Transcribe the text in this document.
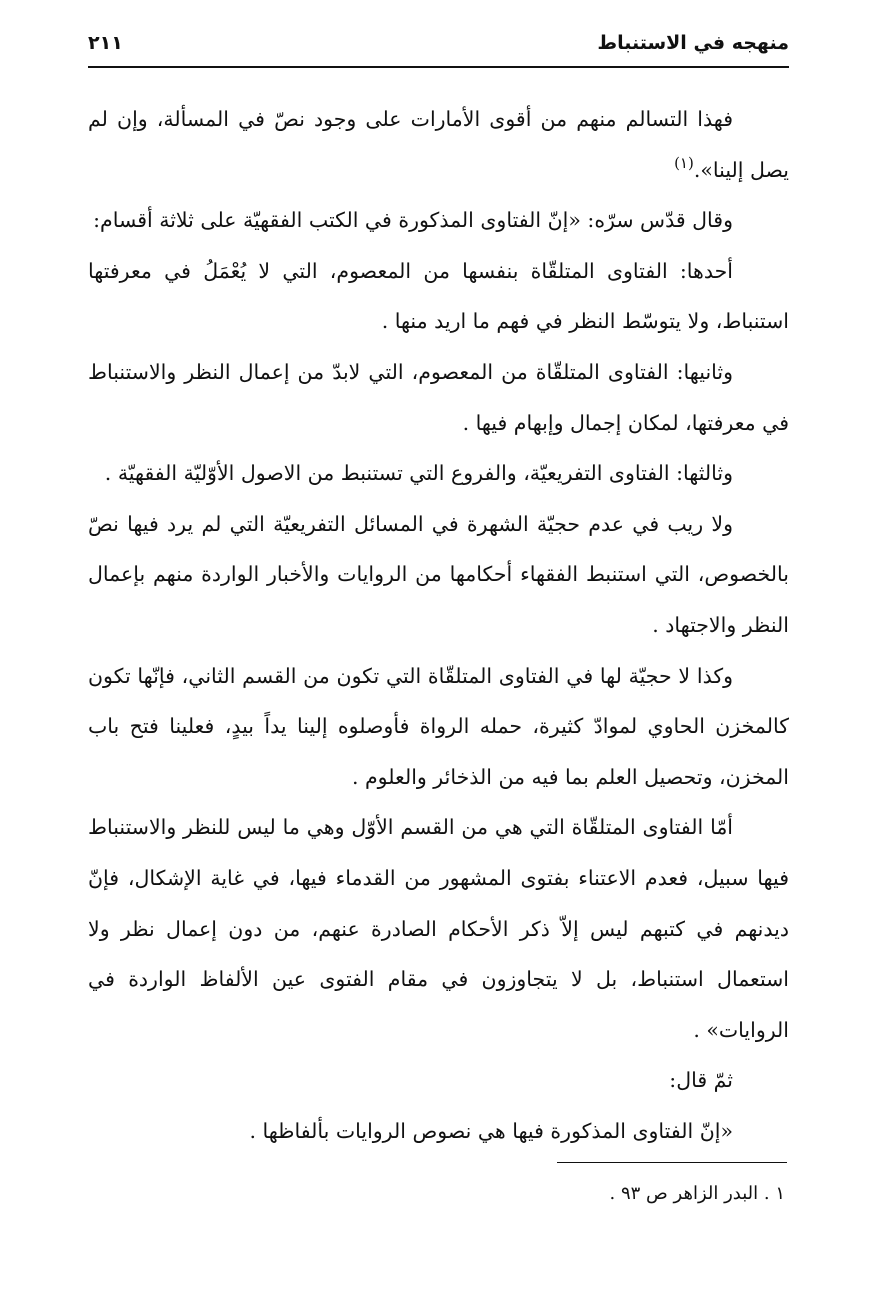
منهجه في الاستنباط
٢١١

فهذا التسالم منهم من أقوى الأمارات على وجود نصّ في المسألة، وإن لم يصل إلينا».$^{(١)}$

وقال قدّس سرّه: «إنّ الفتاوى المذكورة في الكتب الفقهيّة على ثلاثة أقسام:

أحدها: الفتاوى المتلقّاة بنفسها من المعصوم، التي لا يُعْمَلُ في معرفتها استنباط، ولا يتوسّط النظر في فهم ما اريد منها .

وثانيها: الفتاوى المتلقّاة من المعصوم، التي لابدّ من إعمال النظر والاستنباط في معرفتها، لمكان إجمال وإبهام فيها .

وثالثها: الفتاوى التفريعيّة، والفروع التي تستنبط من الاصول الأوّليّة الفقهيّة .

ولا ريب في عدم حجيّة الشهرة في المسائل التفريعيّة التي لم يرد فيها نصّ بالخصوص، التي استنبط الفقهاء أحكامها من الروايات والأخبار الواردة منهم بإعمال النظر والاجتهاد .

وكذا لا حجيّة لها في الفتاوى المتلقّاة التي تكون من القسم الثاني، فإنّها تكون كالمخزن الحاوي لموادّ كثيرة، حمله الرواة فأوصلوه إلينا يداً بيدٍ، فعلينا فتح باب المخزن، وتحصيل العلم بما فيه من الذخائر والعلوم .

أمّا الفتاوى المتلقّاة التي هي من القسم الأوّل وهي ما ليس للنظر والاستنباط فيها سبيل، فعدم الاعتناء بفتوى المشهور من القدماء فيها، في غاية الإشكال، فإنّ ديدنهم في كتبهم ليس إلاّ ذكر الأحكام الصادرة عنهم، من دون إعمال نظر ولا استعمال استنباط، بل لا يتجاوزون في مقام الفتوى عين الألفاظ الواردة في الروايات» .

ثمّ قال:

«إنّ الفتاوى المذكورة فيها هي نصوص الروايات بألفاظها .

١ . البدر الزاهر ص ٩٣ .
